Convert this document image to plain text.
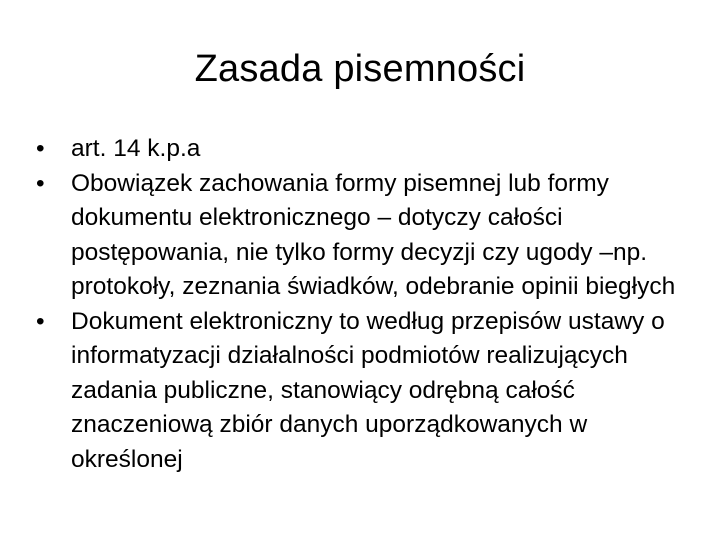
Zasada pisemności
•	art. 14 k.p.a
•	Obowiązek zachowania formy pisemnej lub formy dokumentu elektronicznego – dotyczy całości postępowania, nie tylko formy decyzji czy ugody –np. protokoły, zeznania świadków, odebranie opinii biegłych
•	Dokument elektroniczny to według przepisów ustawy o informatyzacji działalności podmiotów realizujących zadania publiczne, stanowiący odrębną całość znaczeniową zbiór danych uporządkowanych w określonej
